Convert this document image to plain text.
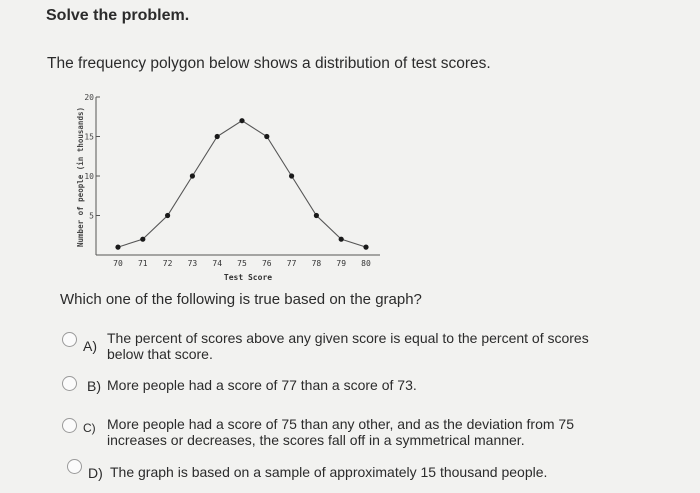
Solve the problem.
The frequency polygon below shows a distribution of test scores.
Number of people (in thousands)
Test Score
5
10
15
20
70 71 72 73 74 75 76 77 78 79 80
Which one of the following is true based on the graph?
A) The percent of scores above any given score is equal to the percent of scores below that score.
B) More people had a score of 77 than a score of 73.
C) More people had a score of 75 than any other, and as the deviation from 75 increases or decreases, the scores fall off in a symmetrical manner.
D) The graph is based on a sample of approximately 15 thousand people.
